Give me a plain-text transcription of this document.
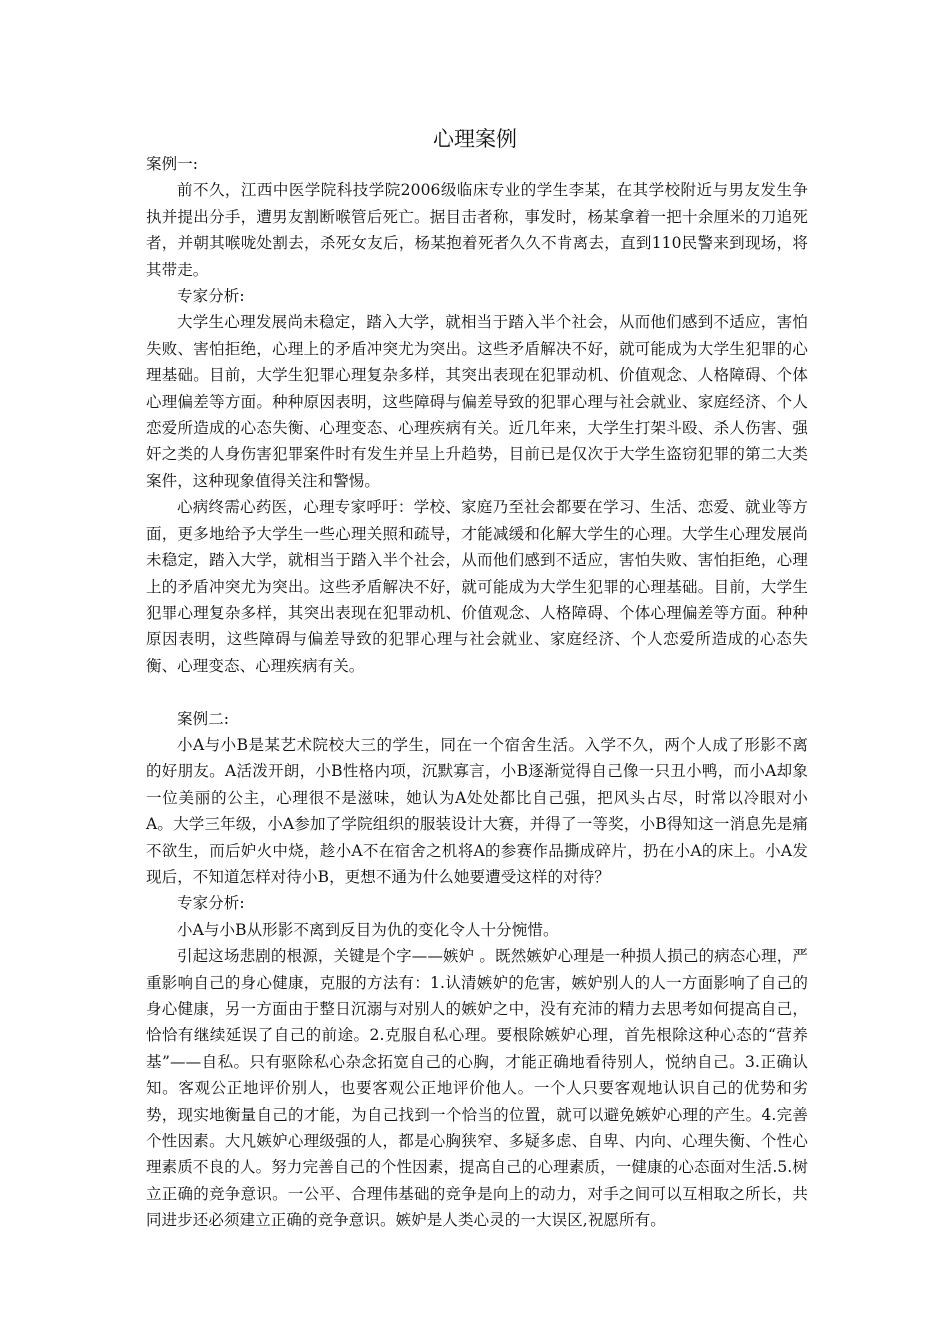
心理案例

案例一:

前不久，江西中医学院科技学院2006级临床专业的学生李某，在其学校附近与男友发生争执并提出分手，遭男友割断喉管后死亡。据目击者称，事发时，杨某拿着一把十余厘米的刀追死者，并朝其喉咙处割去，杀死女友后，杨某抱着死者久久不肯离去，直到110民警来到现场，将其带走。

专家分析:

大学生心理发展尚未稳定，踏入大学，就相当于踏入半个社会，从而他们感到不适应，害怕失败、害怕拒绝，心理上的矛盾冲突尤为突出。这些矛盾解决不好，就可能成为大学生犯罪的心理基础。目前，大学生犯罪心理复杂多样，其突出表现在犯罪动机、价值观念、人格障碍、个体心理偏差等方面。种种原因表明，这些障碍与偏差导致的犯罪心理与社会就业、家庭经济、个人恋爱所造成的心态失衡、心理变态、心理疾病有关。近几年来，大学生打架斗殴、杀人伤害、强奸之类的人身伤害犯罪案件时有发生并呈上升趋势，目前已是仅次于大学生盗窃犯罪的第二大类案件，这种现象值得关注和警惕。

心病终需心药医，心理专家呼吁：学校、家庭乃至社会都要在学习、生活、恋爱、就业等方面，更多地给予大学生一些心理关照和疏导，才能减缓和化解大学生的心理。大学生心理发展尚未稳定，踏入大学，就相当于踏入半个社会，从而他们感到不适应，害怕失败、害怕拒绝，心理上的矛盾冲突尤为突出。这些矛盾解决不好，就可能成为大学生犯罪的心理基础。目前，大学生犯罪心理复杂多样，其突出表现在犯罪动机、价值观念、人格障碍、个体心理偏差等方面。种种原因表明，这些障碍与偏差导致的犯罪心理与社会就业、家庭经济、个人恋爱所造成的心态失衡、心理变态、心理疾病有关。

案例二:

小A与小B是某艺术院校大三的学生，同在一个宿舍生活。入学不久，两个人成了形影不离的好朋友。A活泼开朗，小B性格内项，沉默寡言，小B逐渐觉得自己像一只丑小鸭，而小A却象一位美丽的公主，心理很不是滋味，她认为A处处都比自己强，把风头占尽，时常以冷眼对小A。大学三年级，小A参加了学院组织的服装设计大赛，并得了一等奖，小B得知这一消息先是痛不欲生，而后妒火中烧，趁小A不在宿舍之机将A的参赛作品撕成碎片，扔在小A的床上。小A发现后，不知道怎样对待小B，更想不通为什么她要遭受这样的对待？

专家分析:

小A与小B从形影不离到反目为仇的变化令人十分惋惜。

引起这场悲剧的根源，关键是个字——嫉妒 。既然嫉妒心理是一种损人损己的病态心理，严重影响自己的身心健康，克服的方法有：1.认清嫉妒的危害，嫉妒别人的人一方面影响了自己的身心健康，另一方面由于整日沉溺与对别人的嫉妒之中，没有充沛的精力去思考如何提高自己，恰恰有继续延误了自己的前途。2.克服自私心理。要根除嫉妒心理，首先根除这种心态的“营养基”——自私。只有驱除私心杂念拓宽自己的心胸，才能正确地看待别人，悦纳自己。3.正确认知。客观公正地评价别人，也要客观公正地评价他人。一个人只要客观地认识自己的优势和劣势，现实地衡量自己的才能，为自己找到一个恰当的位置，就可以避免嫉妒心理的产生。4.完善个性因素。大凡嫉妒心理级强的人，都是心胸狭窄、多疑多虑、自卑、内向、心理失衡、个性心理素质不良的人。努力完善自己的个性因素，提高自己的心理素质，一健康的心态面对生活.5.树立正确的竞争意识。一公平、合理伟基础的竞争是向上的动力，对手之间可以互相取之所长，共同进步还必须建立正确的竞争意识。嫉妒是人类心灵的一大误区,祝愿所有。
